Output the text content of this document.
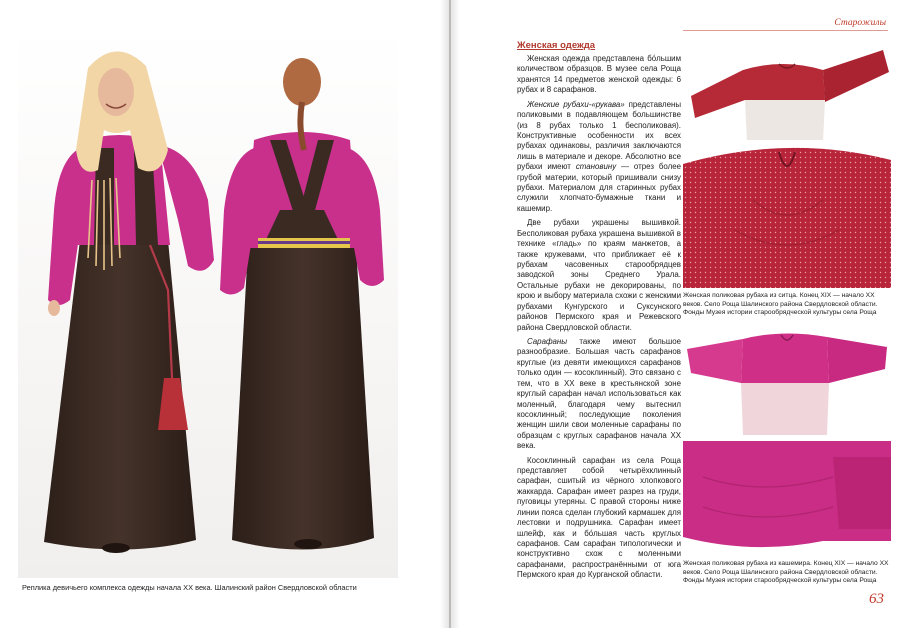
Реплика девичьего комплекса одежды начала XX века. Шалинский район Свердловской области
Старожилы
Женская одежда

Женская одежда представлена бо́льшим количеством образцов. В музее села Роща хранятся 14 предметов женской одежды: 6 рубах и 8 сарафанов.

Женские рубахи-«рукава» представлены поликовыми в подавляющем большинстве (из 8 рубах только 1 бесполиковая). Конструктивные особенности их всех рубахах одинаковы, различия заключаются лишь в материале и декоре. Абсолютно все рубахи имеют становину — отрез более грубой материи, который пришивали снизу рубахи. Материалом для старинных рубах служили хлопчато-бумажные ткани и кашемир.

Две рубахи украшены вышивкой. Бесполиковая рубаха украшена вышивкой в технике «гладь» по краям манжетов, а также кружевами, что приближает её к рубахам часовенных старообрядцев заводской зоны Среднего Урала. Остальные рубахи не декорированы, по крою и выбору материала схожи с женскими рубахами Кунгурского и Суксунского районов Пермского края и Режевского района Свердловской области.

Сарафаны также имеют большое разнообразие. Большая часть сарафанов круглые (из девяти имеющихся сарафанов только один — косоклинный). Это связано с тем, что в XX веке в крестьянской зоне круглый сарафан начал использоваться как моленный, благодаря чему вытеснил косоклинный; последующие поколения женщин шили свои моленные сарафаны по образцам с круглых сарафанов начала XX века.

Косоклинный сарафан из села Роща представляет собой четырёхклинный сарафан, сшитый из чёрного хлопкового жаккарда. Сарафан имеет разрез на груди, пуговицы утеряны. С правой стороны ниже линии пояса сделан глубокий кармашек для лестовки и подрушника. Сарафан имеет шлейф, как и бо́льшая часть круглых сарафанов. Сам сарафан типологически и конструктивно схож с моленными сарафанами, распространёнными от юга Пермского края до Курганской области.

Женская поликовая рубаха из ситца. Конец XIX — начало XX веков. Село Роща Шалинского района Свердловской области. Фонды Музея истории старообрядческой культуры села Роща
Женская поликовая рубаха из кашемира. Конец XIX — начало XX веков. Село Роща Шалинского района Свердловской области. Фонды Музея истории старообрядческой культуры села Роща
63
